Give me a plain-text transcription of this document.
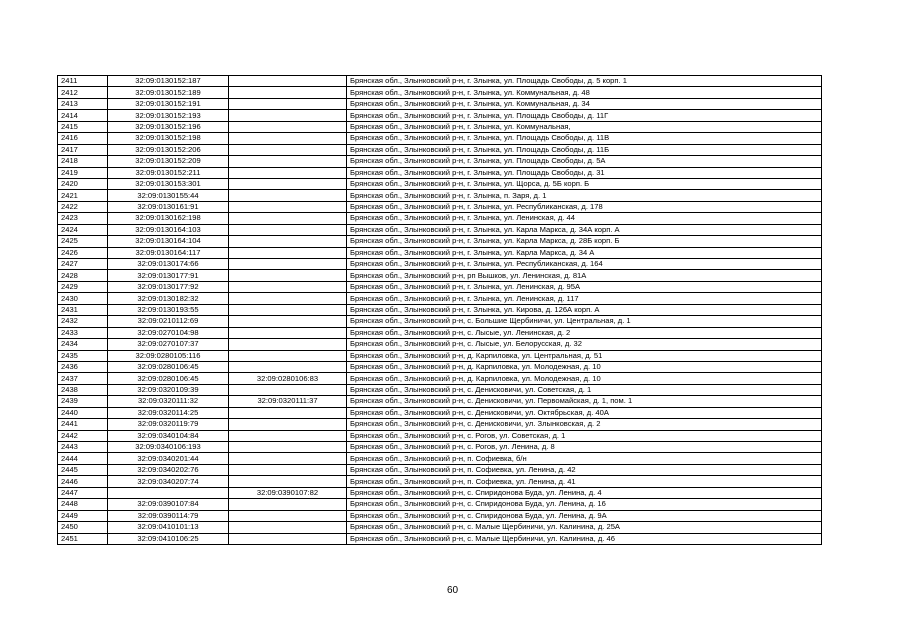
2411	32:09:0130152:187		Брянская обл., Злынковский р-н, г. Злынка, ул. Площадь Свободы, д. 5 корп. 1
2412	32:09:0130152:189		Брянская обл., Злынковский р-н, г. Злынка, ул. Коммунальная, д. 48
2413	32:09:0130152:191		Брянская обл., Злынковский р-н, г. Злынка, ул. Коммунальная, д. 34
2414	32:09:0130152:193		Брянская обл., Злынковский р-н, г. Злынка, ул. Площадь Свободы, д. 11Г
2415	32:09:0130152:196		Брянская обл., Злынковский р-н, г. Злынка, ул. Коммунальная,
2416	32:09:0130152:198		Брянская обл., Злынковский р-н, г. Злынка, ул. Площадь Свободы, д. 11В
2417	32:09:0130152:206		Брянская обл., Злынковский р-н, г. Злынка, ул. Площадь Свободы, д. 11Б
2418	32:09:0130152:209		Брянская обл., Злынковский р-н, г. Злынка, ул. Площадь Свободы, д. 5А
2419	32:09:0130152:211		Брянская обл., Злынковский р-н, г. Злынка, ул. Площадь Свободы, д. 31
2420	32:09:0130153:301		Брянская обл., Злынковский р-н, г. Злынка, ул. Щорса, д. 5Б корп. Б
2421	32:09:0130155:44		Брянская обл., Злынковский р-н, г. Злынка, п. Заря, д. 1
2422	32:09:0130161:91		Брянская обл., Злынковский р-н, г. Злынка, ул. Республиканская, д. 178
2423	32:09:0130162:198		Брянская обл., Злынковский р-н, г. Злынка, ул. Ленинская, д. 44
2424	32:09:0130164:103		Брянская обл., Злынковский р-н, г. Злынка, ул. Карла Маркса, д. 34А корп. А
2425	32:09:0130164:104		Брянская обл., Злынковский р-н, г. Злынка, ул. Карла Маркса, д. 28Б корп. Б
2426	32:09:0130164:117		Брянская обл., Злынковский р-н, г. Злынка, ул. Карла Маркса, д. 34 А
2427	32:09:0130174:66		Брянская обл., Злынковский р-н, г. Злынка, ул. Республиканская, д. 164
2428	32:09:0130177:91		Брянская обл., Злынковский р-н, рп Вышков, ул. Ленинская, д. 81А
2429	32:09:0130177:92		Брянская обл., Злынковский р-н, г. Злынка, ул. Ленинская, д. 95А
2430	32:09:0130182:32		Брянская обл., Злынковский р-н, г. Злынка, ул. Ленинская, д. 117
2431	32:09:0130193:55		Брянская обл., Злынковский р-н, г. Злынка, ул. Кирова, д. 126А корп. А
2432	32:09:0210112:69		Брянская обл., Злынковский р-н, с. Большие Щербиничи, ул. Центральная, д. 1
2433	32:09:0270104:98		Брянская обл., Злынковский р-н, с. Лысые, ул. Ленинская, д. 2
2434	32:09:0270107:37		Брянская обл., Злынковский р-н, с. Лысые, ул. Белорусская, д. 32
2435	32:09:0280105:116		Брянская обл., Злынковский р-н, д. Карпиловка, ул. Центральная, д. 51
2436	32:09:0280106:45		Брянская обл., Злынковский р-н, д. Карпиловка, ул. Молодежная, д. 10
2437	32:09:0280106:45	32:09:0280106:83	Брянская обл., Злынковский р-н, д. Карпиловка, ул. Молодежная, д. 10
2438	32:09:0320109:39		Брянская обл., Злынковский р-н, с. Денисковичи, ул. Советская, д. 1
2439	32:09:0320111:32	32:09:0320111:37	Брянская обл., Злынковский р-н, с. Денисковичи, ул. Первомайская, д. 1, пом. 1
2440	32:09:0320114:25		Брянская обл., Злынковский р-н, с. Денисковичи, ул. Октябрьская, д. 40А
2441	32:09:0320119:79		Брянская обл., Злынковский р-н, с. Денисковичи, ул. Злынковская, д. 2
2442	32:09:0340104:84		Брянская обл., Злынковский р-н, с. Рогов, ул. Советская, д. 1
2443	32:09:0340106:193		Брянская обл., Злынковский р-н, с. Рогов, ул. Ленина, д. 8
2444	32:09:0340201:44		Брянская обл., Злынковский р-н, п. Софиевка, б/н
2445	32:09:0340202:76		Брянская обл., Злынковский р-н, п. Софиевка, ул. Ленина, д. 42
2446	32:09:0340207:74		Брянская обл., Злынковский р-н, п. Софиевка, ул. Ленина, д. 41
2447		32:09:0390107:82	Брянская обл., Злынковский р-н, с. Спиридонова Буда, ул. Ленина, д. 4
2448	32:09:0390107:84		Брянская обл., Злынковский р-н, с. Спиридонова Буда, ул. Ленина, д. 16
2449	32:09:0390114:79		Брянская обл., Злынковский р-н, с. Спиридонова Буда, ул. Ленина, д. 9А
2450	32:09:0410101:13		Брянская обл., Злынковский р-н, с. Малые Щербиничи, ул. Калинина, д. 25А
2451	32:09:0410106:25		Брянская обл., Злынковский р-н, с. Малые Щербиничи, ул. Калинина, д. 46
60
